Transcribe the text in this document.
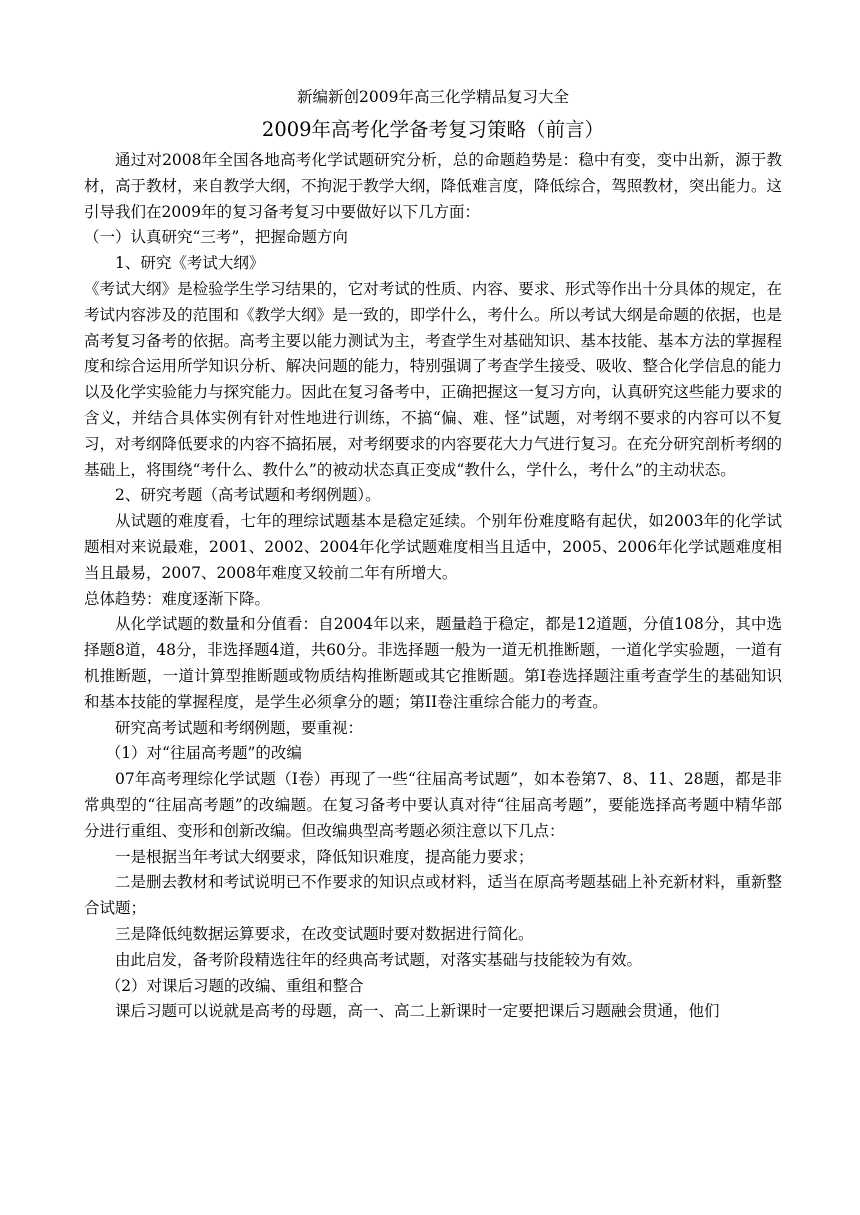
新编新创2009年高三化学精品复习大全
2009年高考化学备考复习策略（前言）

通过对2008年全国各地高考化学试题研究分析，总的命题趋势是：稳中有变，变中出新，源于教材，高于教材，来自教学大纲，不拘泥于教学大纲，降低难言度，降低综合，驾照教材，突出能力。这引导我们在2009年的复习备考复习中要做好以下几方面：

（一）认真研究“三考”，把握命题方向

1、研究《考试大纲》

《考试大纲》是检验学生学习结果的，它对考试的性质、内容、要求、形式等作出十分具体的规定，在考试内容涉及的范围和《教学大纲》是一致的，即学什么，考什么。所以考试大纲是命题的依据，也是高考复习备考的依据。高考主要以能力测试为主，考查学生对基础知识、基本技能、基本方法的掌握程度和综合运用所学知识分析、解决问题的能力，特别强调了考查学生接受、吸收、整合化学信息的能力以及化学实验能力与探究能力。因此在复习备考中，正确把握这一复习方向，认真研究这些能力要求的含义，并结合具体实例有针对性地进行训练，不搞“偏、难、怪”试题，对考纲不要求的内容可以不复习，对考纲降低要求的内容不搞拓展，对考纲要求的内容要花大力气进行复习。在充分研究剖析考纲的基础上，将围绕“考什么、教什么”的被动状态真正变成“教什么，学什么，考什么”的主动状态。

2、研究考题（高考试题和考纲例题）。

从试题的难度看，七年的理综试题基本是稳定延续。个别年份难度略有起伏，如2003年的化学试题相对来说最难，2001、2002、2004年化学试题难度相当且适中，2005、2006年化学试题难度相当且最易，2007、2008年难度又较前二年有所增大。

总体趋势：难度逐渐下降。

从化学试题的数量和分值看：自2004年以来，题量趋于稳定，都是12道题，分值108分，其中选择题8道，48分，非选择题4道，共60分。非选择题一般为一道无机推断题，一道化学实验题，一道有机推断题，一道计算型推断题或物质结构推断题或其它推断题。第I卷选择题注重考查学生的基础知识和基本技能的掌握程度，是学生必须拿分的题；第II卷注重综合能力的考查。

研究高考试题和考纲例题，要重视：

（1）对“往届高考题”的改编

07年高考理综化学试题（Ⅰ卷）再现了一些“往届高考试题”，如本卷第7、8、11、28题，都是非常典型的“往届高考题”的改编题。在复习备考中要认真对待“往届高考题”，要能选择高考题中精华部分进行重组、变形和创新改编。但改编典型高考题必须注意以下几点：

一是根据当年考试大纲要求，降低知识难度，提高能力要求；

二是删去教材和考试说明已不作要求的知识点或材料，适当在原高考题基础上补充新材料，重新整合试题；

三是降低纯数据运算要求，在改变试题时要对数据进行简化。

由此启发，备考阶段精选往年的经典高考试题，对落实基础与技能较为有效。

（2）对课后习题的改编、重组和整合

课后习题可以说就是高考的母题，高一、高二上新课时一定要把课后习题融会贯通，他们
